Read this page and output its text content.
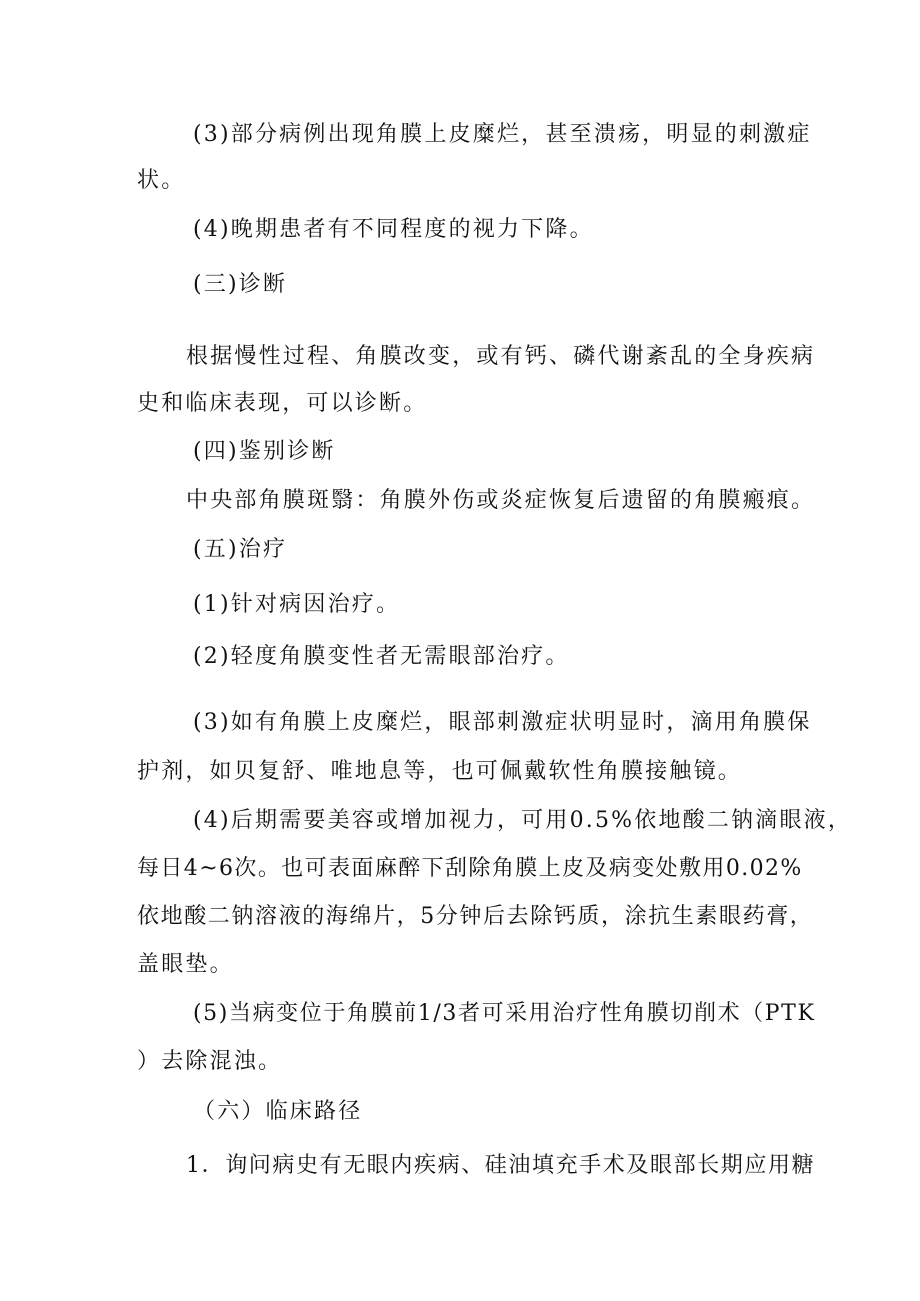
(3)部分病例出现角膜上皮糜烂，甚至溃疡，明显的刺激症
状。
(4)晚期患者有不同程度的视力下降。
(三)诊断
根据慢性过程、角膜改变，或有钙、磷代谢紊乱的全身疾病
史和临床表现，可以诊断。
(四)鉴别诊断
中央部角膜斑翳：角膜外伤或炎症恢复后遗留的角膜瘢痕。
(五)治疗
(1)针对病因治疗。
(2)轻度角膜变性者无需眼部治疗。
(3)如有角膜上皮糜烂，眼部刺激症状明显时，滴用角膜保
护剂，如贝复舒、唯地息等，也可佩戴软性角膜接触镜。
(4)后期需要美容或增加视力，可用0.5%依地酸二钠滴眼液，
每日4~6次。也可表面麻醉下刮除角膜上皮及病变处敷用0.02%
依地酸二钠溶液的海绵片，5分钟后去除钙质，涂抗生素眼药膏，
盖眼垫。
(5)当病变位于角膜前1/3者可采用治疗性角膜切削术（PTK
）去除混浊。
（六）临床路径
1．询问病史有无眼内疾病、硅油填充手术及眼部长期应用糖
